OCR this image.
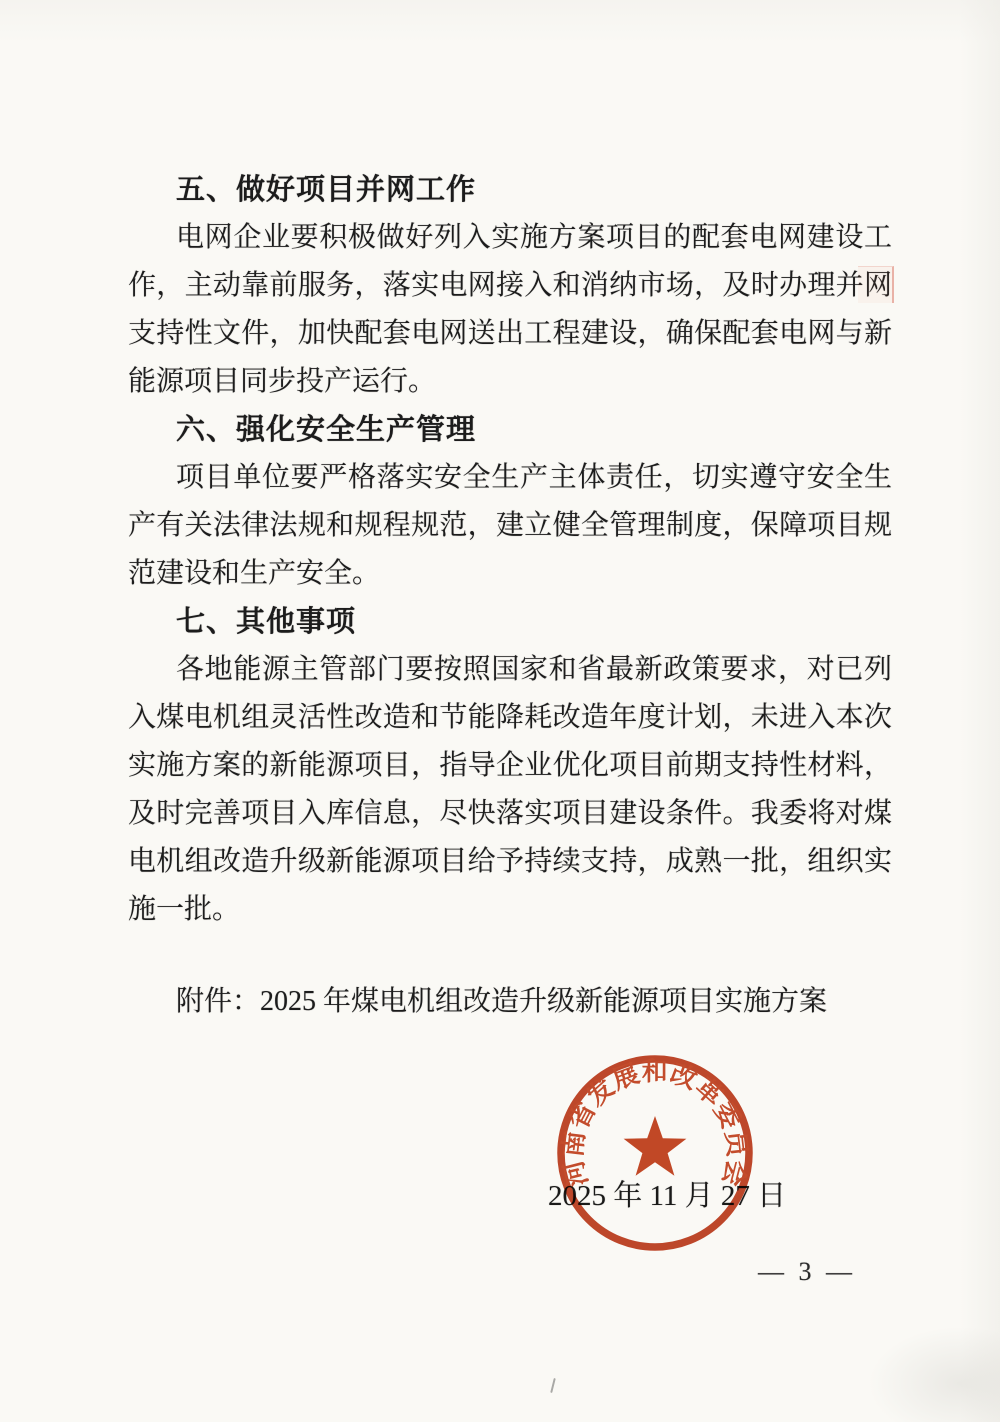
五、做好项目并网工作
电网企业要积极做好列入实施方案项目的配套电网建设工
作，主动靠前服务，落实电网接入和消纳市场，及时办理并网
支持性文件，加快配套电网送出工程建设，确保配套电网与新
能源项目同步投产运行。
六、强化安全生产管理
项目单位要严格落实安全生产主体责任，切实遵守安全生
产有关法律法规和规程规范，建立健全管理制度，保障项目规
范建设和生产安全。
七、其他事项
各地能源主管部门要按照国家和省最新政策要求，对已列
入煤电机组灵活性改造和节能降耗改造年度计划，未进入本次
实施方案的新能源项目，指导企业优化项目前期支持性材料，
及时完善项目入库信息，尽快落实项目建设条件。我委将对煤
电机组改造升级新能源项目给予持续支持，成熟一批，组织实
施一批。
附件：2025 年煤电机组改造升级新能源项目实施方案
河南省发展和改革委员会
2025 年 11 月 27 日
— 3 —
